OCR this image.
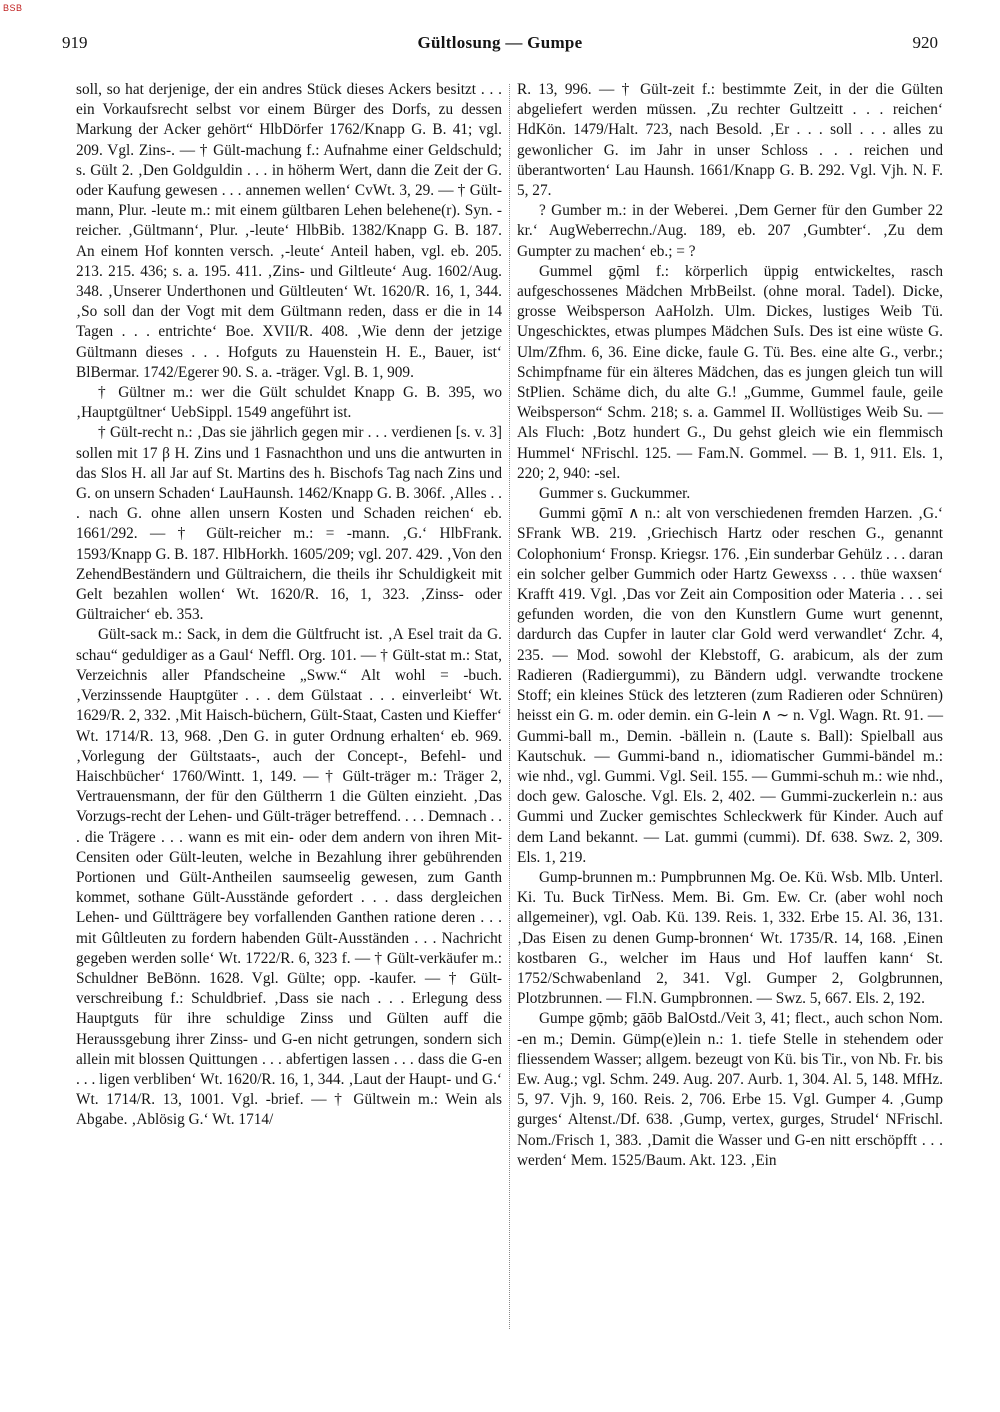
BSB
919	Gültlosung — Gumpe	920

soll, so hat derjenige, der ein andres Stück dieses Ackers besitzt . . . ein Vorkaufsrecht selbst vor einem Bürger des Dorfs, zu dessen Markung der Acker gehört“ HlbDörfer 1762/Knapp G. B. 41; vgl. 209. Vgl. Zins-. — † Gült-machung f.: Aufnahme einer Geldschuld; s. Gült 2. ‚Den Goldguldin . . . in höherm Wert, dann die Zeit der G. oder Kaufung gewesen . . . annemen wellen‘ CvWt. 3, 29. — † Gült-mann, Plur. -leute m.: mit einem gültbaren Lehen belehene(r). Syn. -reicher. ‚Gültmann‘, Plur. ‚-leute‘ HlbBib. 1382/Knapp G. B. 187. An einem Hof konnten versch. ‚-leute‘ Anteil haben, vgl. eb. 205. 213. 215. 436; s. a. 195. 411. ‚Zins- und Giltleute‘ Aug. 1602/Aug. 348. ‚Unserer Underthonen und Gültleuten‘ Wt. 1620/R. 16, 1, 344. ‚So soll dan der Vogt mit dem Gültmann reden, dass er die in 14 Tagen . . . entrichte‘ Boe. XVII/R. 408. ‚Wie denn der jetzige Gültmann dieses . . . Hofguts zu Hauenstein H. E., Bauer, ist‘ BlBermar. 1742/Egerer 90. S. a. -träger. Vgl. B. 1, 909.

† Gültner m.: wer die Gült schuldet Knapp G. B. 395, wo ‚Hauptgültner‘ UebSippl. 1549 angeführt ist.

† Gült-recht n.: ‚Das sie jährlich gegen mir . . . verdienen [s. v. 3] sollen mit 17 β H. Zins und 1 Fasnachthon und uns die antwurten in das Slos H. all Jar auf St. Martins des h. Bischofs Tag nach Zins und G. on unsern Schaden‘ LauHaunsh. 1462/Knapp G. B. 306f. ‚Alles . . . nach G. ohne allen unsern Kosten und Schaden reichen‘ eb. 1661/292. — † Gült-reicher m.: = -mann. ‚G.‘ HlbFrank. 1593/Knapp G. B. 187. HlbHorkh. 1605/209; vgl. 207. 429. ‚Von den ZehendBeständern und Gültraichern, die theils ihr Schuldigkeit mit Gelt bezahlen wollen‘ Wt. 1620/R. 16, 1, 323. ‚Zinss- oder Gültraicher‘ eb. 353.

Gült-sack m.: Sack, in dem die Gültfrucht ist. ‚A Esel trait da G. schau“ geduldiger as a Gaul‘ Neffl. Org. 101. — † Gült-stat m.: Stat, Verzeichnis aller Pfandscheine „Sww.“ Alt wohl = -buch. ‚Verzinssende Hauptgüter . . . dem Gülstaat . . . einverleibt‘ Wt. 1629/R. 2, 332. ‚Mit Haisch-büchern, Gült-Staat, Casten und Kieffer‘ Wt. 1714/R. 13, 968. ‚Den G. in guter Ordnung erhalten‘ eb. 969. ‚Vorlegung der Gültstaats-, auch der Concept-, Befehl- und Haischbücher‘ 1760/Wintt. 1, 149. — † Gült-träger m.: Träger 2, Vertrauensmann, der für den Gültherrn 1 die Gülten einzieht. ‚Das Vorzugs-recht der Lehen- und Gült-träger betreffend. . . . Demnach . . . die Trägere . . . wann es mit ein- oder dem andern von ihren Mit-Censiten oder Gült-leuten, welche in Bezahlung ihrer gebührenden Portionen und Gült-Antheilen saumseelig gewesen, zum Ganth kommet, sothane Gült-Ausstände gefordert . . . dass dergleichen Lehen- und Gültträgere bey vorfallenden Ganthen ratione deren . . . mit Gûltleuten zu fordern habenden Gült-Ausständen . . . Nachricht gegeben werden solle‘ Wt. 1722/R. 6, 323 f. — † Gült-verkäufer m.: Schuldner BeBönn. 1628. Vgl. Gülte; opp. -kaufer. — † Gült-verschreibung f.: Schuldbrief. ‚Dass sie nach . . . Erlegung dess Hauptguts für ihre schuldige Zinss und Gülten auff die Heraussgebung ihrer Zinss- und G-en nicht getrungen, sondern sich allein mit blossen Quittungen . . . abfertigen lassen . . . dass die G-en . . . ligen verbliben‘ Wt. 1620/R. 16, 1, 344. ‚Laut der Haupt- und G.‘ Wt. 1714/R. 13, 1001. Vgl. -brief. — † Gültwein m.: Wein als Abgabe. ‚Ablösig G.‘ Wt. 1714/

R. 13, 996. — † Gült-zeit f.: bestimmte Zeit, in der die Gülten abgeliefert werden müssen. ‚Zu rechter Gultzeitt . . . reichen‘ HdKön. 1479/Halt. 723, nach Besold. ‚Er . . . soll . . . alles zu gewonlicher G. im Jahr in unser Schloss . . . reichen und überantworten‘ Lau Haunsh. 1661/Knapp G. B. 292. Vgl. Vjh. N. F. 5, 27.

? Gumber m.: in der Weberei. ‚Dem Gerner für den Gumber 22 kr.‘ AugWeberrechn./Aug. 189, eb. 207 ‚Gumbter‘. ‚Zu dem Gumpter zu machen‘ eb.; = ?

Gummel gǭml f.: körperlich üppig entwickeltes, rasch aufgeschossenes Mädchen MrbBeilst. (ohne moral. Tadel). Dicke, grosse Weibsperson AaHolzh. Ulm. Dickes, lustiges Weib Tü. Ungeschicktes, etwas plumpes Mädchen SuIs. Des ist eine wüste G. Ulm/Zfhm. 6, 36. Eine dicke, faule G. Tü. Bes. eine alte G., verbr.; Schimpfname für ein älteres Mädchen, das es jungen gleich tun will StPlien. Schäme dich, du alte G.! „Gumme, Gummel faule, geile Weibsperson“ Schm. 218; s. a. Gammel II. Wollüstiges Weib Su. — Als Fluch: ‚Botz hundert G., Du gehst gleich wie ein flemmisch Hummel‘ NFrischl. 125. — Fam.N. Gommel. — B. 1, 911. Els. 1, 220; 2, 940: -sel.

Gummer s. Guckummer.

Gummi gǭmī ∧ n.: alt von verschiedenen fremden Harzen. ‚G.‘ SFrank WB. 219. ‚Griechisch Hartz oder reschen G., genannt Colophonium‘ Fronsp. Kriegsr. 176. ‚Ein sunderbar Gehülz . . . daran ein solcher gelber Gummich oder Hartz Gewexss . . . thüe waxsen‘ Krafft 419. Vgl. ‚Das vor Zeit ain Composition oder Materia . . . sei gefunden worden, die von den Kunstlern Gume wurt genennt, dardurch das Cupfer in lauter clar Gold werd verwandlet‘ Zchr. 4, 235. — Mod. sowohl der Klebstoff, G. arabicum, als der zum Radieren (Radiergummi), zu Bändern udgl. verwandte trockene Stoff; ein kleines Stück des letzteren (zum Radieren oder Schnüren) heisst ein G. m. oder demin. ein G-lein ∧ ∼ n. Vgl. Wagn. Rt. 91. — Gummi-ball m., Demin. -bällein n. (Laute s. Ball): Spielball aus Kautschuk. — Gummi-band n., idiomatischer Gummi-bändel m.: wie nhd., vgl. Gummi. Vgl. Seil. 155. — Gummi-schuh m.: wie nhd., doch gew. Galosche. Vgl. Els. 2, 402. — Gummi-zuckerlein n.: aus Gummi und Zucker gemischtes Schleckwerk für Kinder. Auch auf dem Land bekannt. — Lat. gummi (cummi). Df. 638. Swz. 2, 309. Els. 1, 219.

Gump-brunnen m.: Pumpbrunnen Mg. Oe. Kü. Wsb. Mlb. Unterl. Ki. Tu. Buck TirNess. Mem. Bi. Gm. Ew. Cr. (aber wohl noch allgemeiner), vgl. Oab. Kü. 139. Reis. 1, 332. Erbe 15. Al. 36, 131. ‚Das Eisen zu denen Gump-bronnen‘ Wt. 1735/R. 14, 168. ‚Einen kostbaren G., welcher im Haus und Hof lauffen kann‘ St. 1752/Schwabenland 2, 341. Vgl. Gumper 2, Golgbrunnen, Plotzbrunnen. — Fl.N. Gumpbronnen. — Swz. 5, 667. Els. 2, 192.

Gumpe gǭmb; gāōb BalOstd./Veit 3, 41; flect., auch schon Nom. -en m.; Demin. Gümp(e)lein n.: 1. tiefe Stelle in stehendem oder fliessendem Wasser; allgem. bezeugt von Kü. bis Tir., von Nb. Fr. bis Ew. Aug.; vgl. Schm. 249. Aug. 207. Aurb. 1, 304. Al. 5, 148. MfHz. 5, 97. Vjh. 9, 160. Reis. 2, 706. Erbe 15. Vgl. Gumper 4. ‚Gump gurges‘ Altenst./Df. 638. ‚Gump, vertex, gurges, Strudel‘ NFrischl. Nom./Frisch 1, 383. ‚Damit die Wasser und G-en nitt erschöpfft . . . werden‘ Mem. 1525/Baum. Akt. 123. ‚Ein
